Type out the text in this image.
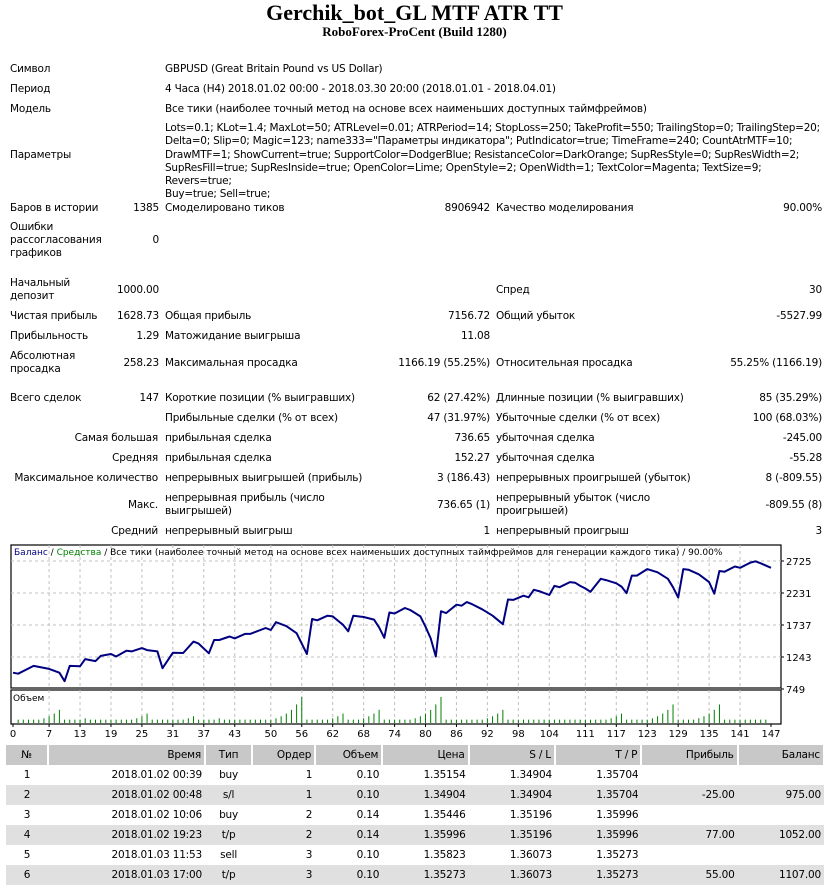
Gerchik_bot_GL MTF ATR TT
RoboForex-ProCent (Build 1280)
Символ	GBPUSD (Great Britain Pound vs US Dollar)
Период	4 Часа (H4) 2018.01.02 00:00 - 2018.03.30 20:00 (2018.01.01 - 2018.04.01)
Модель	Все тики (наиболее точный метод на основе всех наименьших доступных таймфреймов)
Параметры
Lots=0.1; KLot=1.4; MaxLot=50; ATRLevel=0.01; ATRPeriod=14; StopLoss=250; TakeProfit=550; TrailingStop=0; TrailingStep=20;
Delta=0; Slip=0; Magic=123; name333="Параметры индикатора"; PutIndicator=true; TimeFrame=240; CountAtrMTF=10;
DrawMTF=1; ShowCurrent=true; SupportColor=DodgerBlue; ResistanceColor=DarkOrange; SupResStyle=0; SupResWidth=2;
SupResFill=true; SupResInside=true; OpenColor=Lime; OpenStyle=2; OpenWidth=1; TextColor=Magenta; TextSize=9; Revers=true;
Buy=true; Sell=true;
Баров в истории	1385 Смоделировано тиков	8906942 Качество моделирования	90.00%
Ошибки
рассогласования
графиков
0
Начальный
депозит	1000.00	Спред	30
Чистая прибыль 1628.73 Общая прибыль	7156.72 Общий убыток	-5527.99
Прибыльность	1.29 Матожидание выигрыша	11.08
Абсолютная
просадка	258.23 Максимальная просадка	1166.19 (55.25%) Относительная просадка	55.25% (1166.19)
Всего сделок	147 Короткие позиции (% выигравших)	62 (27.42%) Длинные позиции (% выигравших)	85 (35.29%)
Прибыльные сделки (% от всех)	47 (31.97%) Убыточные сделки (% от всех)	100 (68.03%)
Самая большая прибыльная сделка	736.65 убыточная сделка	-245.00
Средняя прибыльная сделка	152.27 убыточная сделка	-55.28
Максимальное количество непрерывных выигрышей (прибыль)	3 (186.43) непрерывных проигрышей (убыток)	8 (-809.55)
Макс.
непрерывная прибыль (число
выигрышей)	736.65 (1)
непрерывный убыток (число
проигрышей)	-809.55 (8)
Средний непрерывный выигрыш	1 непрерывный проигрыш	3
Баланс / Средства / Все тики (наиболее точный метод на основе всех наименьших доступных таймфреймов для генерации каждого тика) / 90.00%
Объем
2725
2231
1737
1243
749
0	7 13 19 25 31 37 43 50 56 62 68 74 80 86 92 98 104 111 117 123 129 135 141 147
№	Время	Тип	Ордер	Объем	Цена	S / L	T / P	Прибыль	Баланс
1	2018.01.02 00:39	buy	1	0.10	1.35154	1.34904	1.35704		
2	2018.01.02 00:48	s/l	1	0.10	1.34904	1.34904	1.35704	-25.00	975.00
3	2018.01.02 10:06	buy	2	0.14	1.35446	1.35196	1.35996		
4	2018.01.02 19:23	t/p	2	0.14	1.35996	1.35196	1.35996	77.00	1052.00
5	2018.01.03 11:53	sell	3	0.10	1.35823	1.36073	1.35273		
6	2018.01.03 17:00	t/p	3	0.10	1.35273	1.36073	1.35273	55.00	1107.00
